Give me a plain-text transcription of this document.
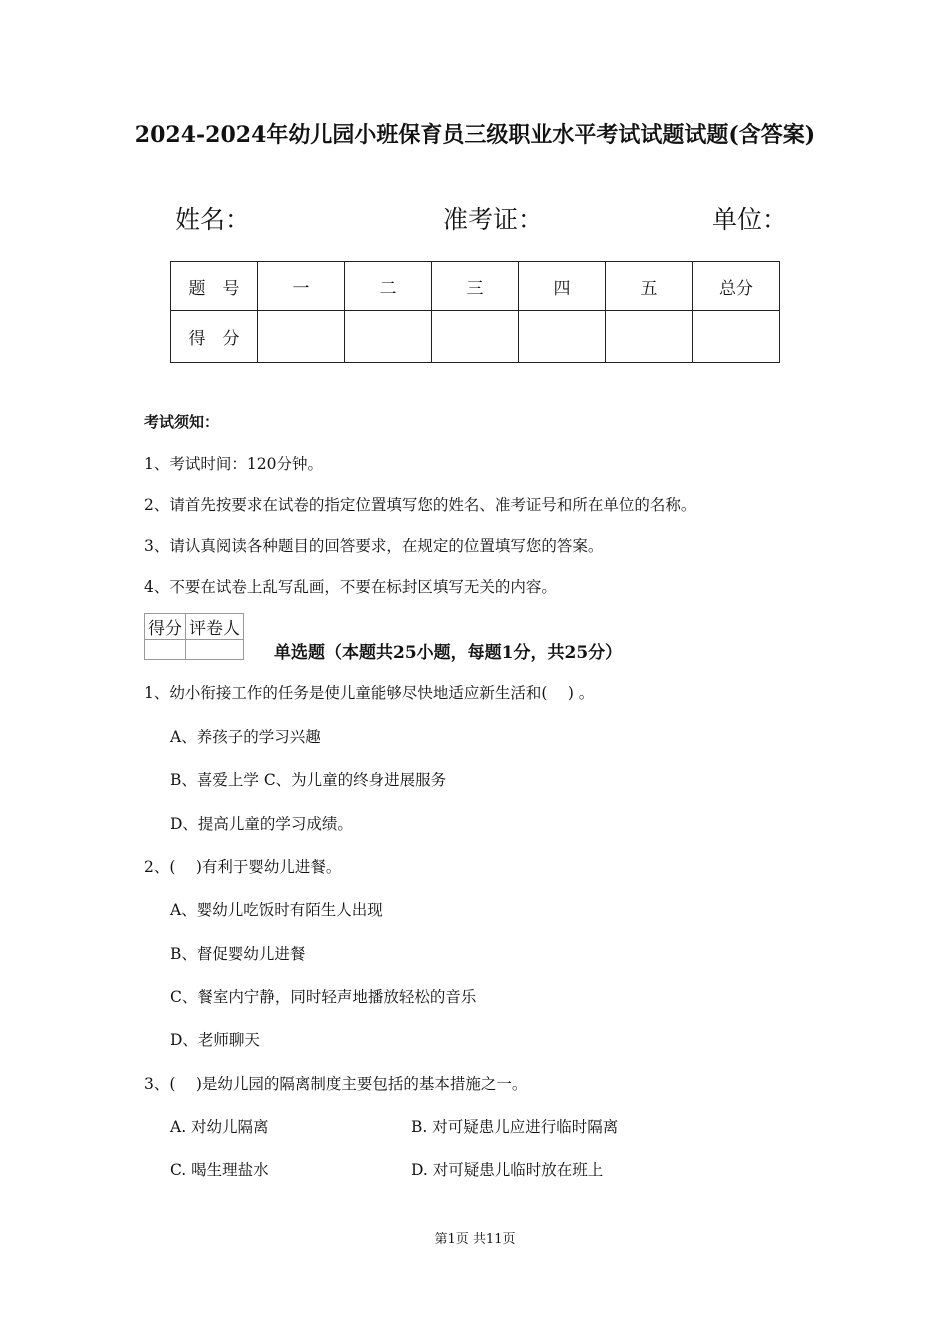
2024-2024年幼儿园小班保育员三级职业水平考试试题试题(含答案)
姓名：	准考证：	单位：
题　号	一	二	三	四	五	总分
得　分						
考试须知：
1、考试时间：120分钟。
2、请首先按要求在试卷的指定位置填写您的姓名、准考证号和所在单位的名称。
3、请认真阅读各种题目的回答要求，在规定的位置填写您的答案。
4、不要在试卷上乱写乱画，不要在标封区填写无关的内容。
得分	评卷人

单选题（本题共25小题，每题1分，共25分）
1、幼小衔接工作的任务是使儿童能够尽快地适应新生活和(　 ) 。
A、养孩子的学习兴趣
B、喜爱上学 C、为儿童的终身进展服务
D、提高儿童的学习成绩。
2、(　 )有利于婴幼儿进餐。
A、婴幼儿吃饭时有陌生人出现
B、督促婴幼儿进餐
C、餐室内宁静，同时轻声地播放轻松的音乐
D、老师聊天
3、(　 )是幼儿园的隔离制度主要包括的基本措施之一。
A. 对幼儿隔离	B. 对可疑患儿应进行临时隔离
C. 喝生理盐水	D. 对可疑患儿临时放在班上
第1页 共11页
